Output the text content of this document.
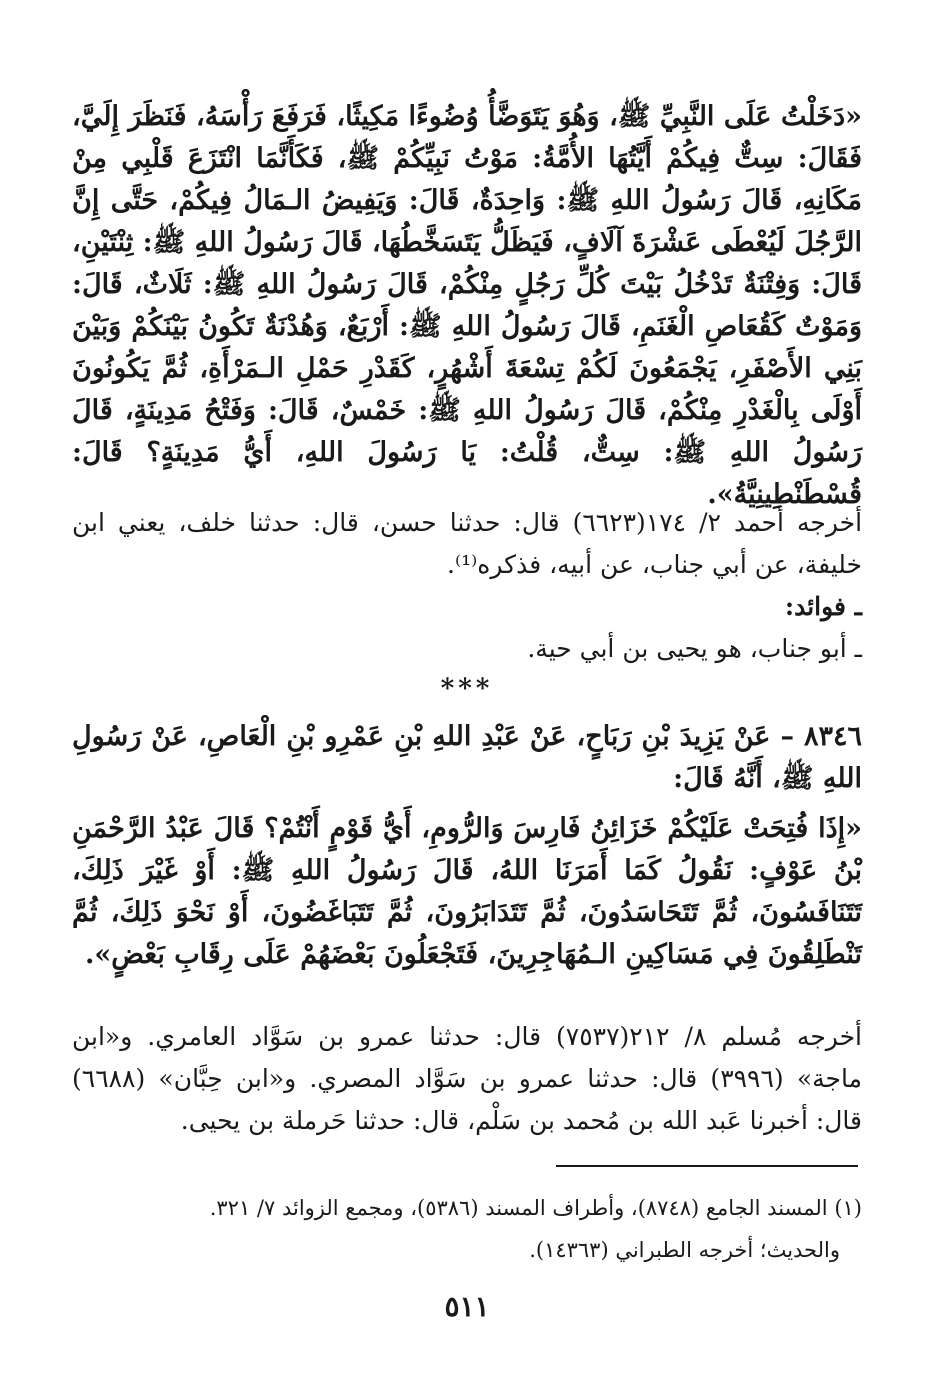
«دَخَلْتُ عَلَى النَّبِيِّ ﷺ، وَهُوَ يَتَوَضَّأُ وُضُوءًا مَكِيثًا، فَرَفَعَ رَأْسَهُ، فَنَظَرَ إِلَيَّ، فَقَالَ: سِتٌّ فِيكُمْ أَيَّتُهَا الأُمَّةُ: مَوْتُ نَبِيِّكُمْ ﷺ، فَكَأَنَّمَا انْتَزَعَ قَلْبِي مِنْ مَكَانِهِ، قَالَ رَسُولُ اللهِ ﷺ: وَاحِدَةٌ، قَالَ: وَيَفِيضُ الـمَالُ فِيكُمْ، حَتَّى إِنَّ الرَّجُلَ لَيُعْطَى عَشْرَةَ آلَافٍ، فَيَظَلُّ يَتَسَخَّطُهَا، قَالَ رَسُولُ اللهِ ﷺ: ثِنْتَيْنِ، قَالَ: وَفِتْنَةٌ تَدْخُلُ بَيْتَ كُلِّ رَجُلٍ مِنْكُمْ، قَالَ رَسُولُ اللهِ ﷺ: ثَلَاثٌ، قَالَ: وَمَوْتٌ كَقُعَاصِ الْغَنَمِ، قَالَ رَسُولُ اللهِ ﷺ: أَرْبَعٌ، وَهُدْنَةٌ تَكُونُ بَيْنَكُمْ وَبَيْنَ بَنِي الأَصْفَرِ، يَجْمَعُونَ لَكُمْ تِسْعَةَ أَشْهُرٍ، كَقَدْرِ حَمْلِ الـمَرْأَةِ، ثُمَّ يَكُونُونَ أَوْلَى بِالْغَدْرِ مِنْكُمْ، قَالَ رَسُولُ اللهِ ﷺ: خَمْسٌ، قَالَ: وَفَتْحُ مَدِينَةٍ، قَالَ رَسُولُ اللهِ ﷺ: سِتٌّ، قُلْتُ: يَا رَسُولَ اللهِ، أَيُّ مَدِينَةٍ؟ قَالَ: قُسْطَنْطِينِيَّةُ».

أخرجه أحمد ٢/ ١٧٤(٦٦٢٣) قال: حدثنا حسن، قال: حدثنا خلف، يعني ابن خليفة، عن أبي جناب، عن أبيه، فذكره⁽¹⁾.

ـ فوائد:

ـ أبو جناب، هو يحيى بن أبي حية.

***

٨٣٤٦ – عَنْ يَزِيدَ بْنِ رَبَاحٍ، عَنْ عَبْدِ اللهِ بْنِ عَمْرِو بْنِ الْعَاصِ، عَنْ رَسُولِ اللهِ ﷺ، أَنَّهُ قَالَ:

«إِذَا فُتِحَتْ عَلَيْكُمْ خَزَائِنُ فَارِسَ وَالرُّومِ، أَيُّ قَوْمٍ أَنْتُمْ؟ قَالَ عَبْدُ الرَّحْمَنِ بْنُ عَوْفٍ: نَقُولُ كَمَا أَمَرَنَا اللهُ، قَالَ رَسُولُ اللهِ ﷺ: أَوْ غَيْرَ ذَلِكَ، تَتَنَافَسُونَ، ثُمَّ تَتَحَاسَدُونَ، ثُمَّ تَتَدَابَرُونَ، ثُمَّ تَتَبَاغَضُونَ، أَوْ نَحْوَ ذَلِكَ، ثُمَّ تَنْطَلِقُونَ فِي مَسَاكِينِ الـمُهَاجِرِينَ، فَتَجْعَلُونَ بَعْضَهُمْ عَلَى رِقَابِ بَعْضٍ».

أخرجه مُسلم ٨/ ٢١٢(٧٥٣٧) قال: حدثنا عمرو بن سَوَّاد العامري. و«ابن ماجة» (٣٩٩٦) قال: حدثنا عمرو بن سَوَّاد المصري. و«ابن حِبَّان» (٦٦٨٨) قال: أخبرنا عَبد الله بن مُحمد بن سَلْم، قال: حدثنا حَرملة بن يحيى.

(١) المسند الجامع (٨٧٤٨)، وأطراف المسند (٥٣٨٦)، ومجمع الزوائد ٧/ ٣٢١.

والحديث؛ أخرجه الطبراني (١٤٣٦٣).

٥١١
